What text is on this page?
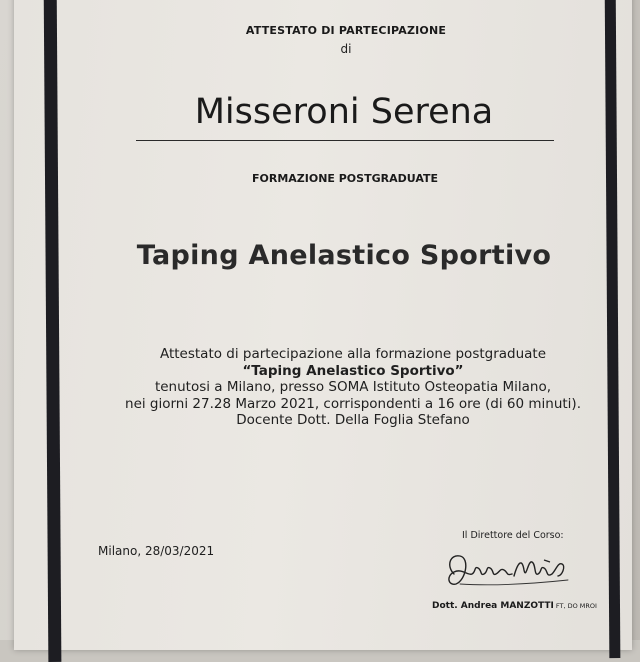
ATTESTATO DI PARTECIPAZIONE
di
Misseroni Serena
FORMAZIONE POSTGRADUATE
Taping Anelastico Sportivo
Attestato di partecipazione alla formazione postgraduate
“Taping Anelastico Sportivo”
tenutosi a Milano, presso SOMA Istituto Osteopatia Milano,
nei giorni 27.28 Marzo 2021, corrispondenti a 16 ore (di 60 minuti).
Docente Dott. Della Foglia Stefano
Milano, 28/03/2021
Il Direttore del Corso:
Dott. Andrea MANZOTTI FT, DO MROI
